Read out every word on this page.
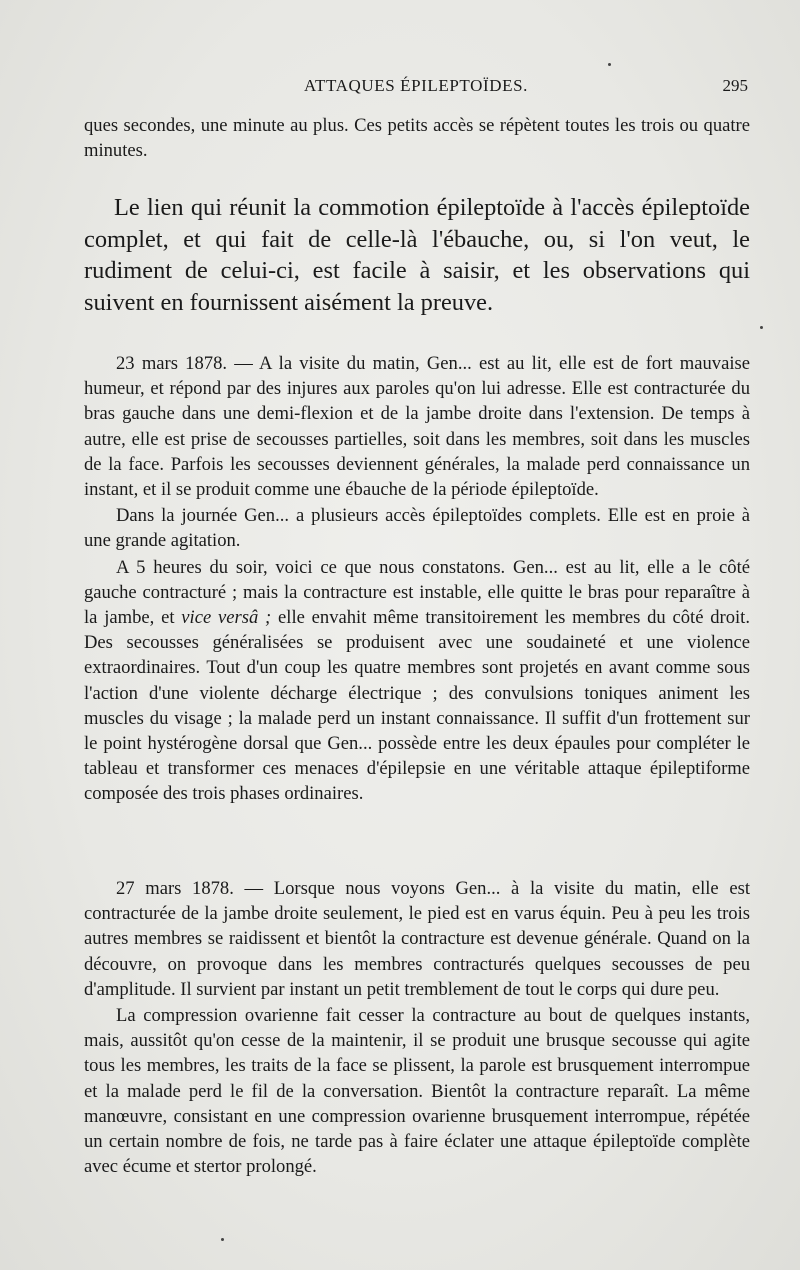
ATTAQUES ÉPILEPTOÏDES.	295

ques secondes, une minute au plus. Ces petits accès se répètent toutes les trois ou quatre minutes.

Le lien qui réunit la commotion épileptoïde à l'accès épileptoïde complet, et qui fait de celle-là l'ébauche, ou, si l'on veut, le rudiment de celui-ci, est facile à saisir, et les observations qui suivent en fournissent aisément la preuve.

23 mars 1878. — A la visite du matin, Gen... est au lit, elle est de fort mauvaise humeur, et répond par des injures aux paroles qu'on lui adresse. Elle est contracturée du bras gauche dans une demi-flexion et de la jambe droite dans l'extension. De temps à autre, elle est prise de secousses partielles, soit dans les membres, soit dans les muscles de la face. Parfois les secousses deviennent générales, la malade perd connaissance un instant, et il se produit comme une ébauche de la période épileptoïde.

Dans la journée Gen... a plusieurs accès épileptoïdes complets. Elle est en proie à une grande agitation.

A 5 heures du soir, voici ce que nous constatons. Gen... est au lit, elle a le côté gauche contracturé ; mais la contracture est instable, elle quitte le bras pour reparaître à la jambe, et vice versâ ; elle envahit même transitoirement les membres du côté droit. Des secousses généralisées se produisent avec une soudaineté et une violence extraordinaires. Tout d'un coup les quatre membres sont projetés en avant comme sous l'action d'une violente décharge électrique ; des convulsions toniques animent les muscles du visage ; la malade perd un instant connaissance. Il suffit d'un frottement sur le point hystérogène dorsal que Gen... possède entre les deux épaules pour compléter le tableau et transformer ces menaces d'épilepsie en une véritable attaque épileptiforme composée des trois phases ordinaires.

27 mars 1878. — Lorsque nous voyons Gen... à la visite du matin, elle est contracturée de la jambe droite seulement, le pied est en varus équin. Peu à peu les trois autres membres se raidissent et bientôt la contracture est devenue générale. Quand on la découvre, on provoque dans les membres contracturés quelques secousses de peu d'amplitude. Il survient par instant un petit tremblement de tout le corps qui dure peu.

La compression ovarienne fait cesser la contracture au bout de quelques instants, mais, aussitôt qu'on cesse de la maintenir, il se produit une brusque secousse qui agite tous les membres, les traits de la face se plissent, la parole est brusquement interrompue et la malade perd le fil de la conversation. Bientôt la contracture reparaît. La même manœuvre, consistant en une compression ovarienne brusquement interrompue, répétée un certain nombre de fois, ne tarde pas à faire éclater une attaque épileptoïde complète avec écume et stertor prolongé.
